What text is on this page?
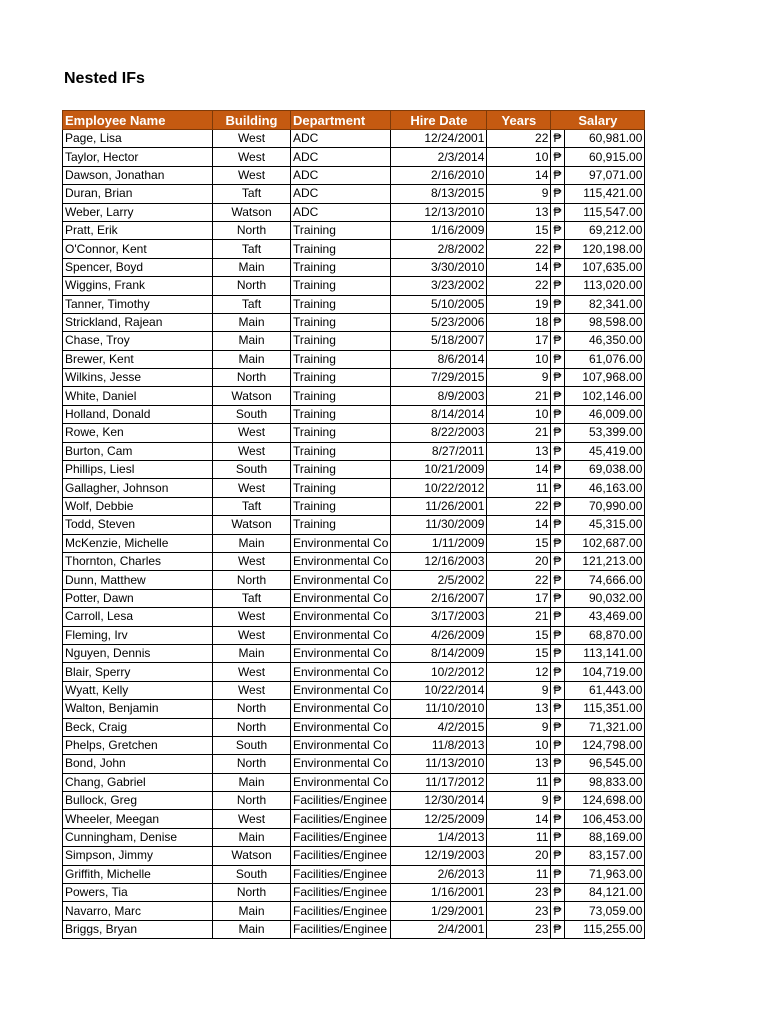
Nested IFs
Employee Name	Building	Department	Hire Date	Years	Salary	
Page, Lisa	West	ADC	12/24/2001	22	₱	60,981.00
Taylor, Hector	West	ADC	2/3/2014	10	₱	60,915.00
Dawson, Jonathan	West	ADC	2/16/2010	14	₱	97,071.00
Duran, Brian	Taft	ADC	8/13/2015	9	₱	115,421.00
Weber, Larry	Watson	ADC	12/13/2010	13	₱	115,547.00
Pratt, Erik	North	Training	1/16/2009	15	₱	69,212.00
O'Connor, Kent	Taft	Training	2/8/2002	22	₱	120,198.00
Spencer, Boyd	Main	Training	3/30/2010	14	₱	107,635.00
Wiggins, Frank	North	Training	3/23/2002	22	₱	113,020.00
Tanner, Timothy	Taft	Training	5/10/2005	19	₱	82,341.00
Strickland, Rajean	Main	Training	5/23/2006	18	₱	98,598.00
Chase, Troy	Main	Training	5/18/2007	17	₱	46,350.00
Brewer, Kent	Main	Training	8/6/2014	10	₱	61,076.00
Wilkins, Jesse	North	Training	7/29/2015	9	₱	107,968.00
White, Daniel	Watson	Training	8/9/2003	21	₱	102,146.00
Holland, Donald	South	Training	8/14/2014	10	₱	46,009.00
Rowe, Ken	West	Training	8/22/2003	21	₱	53,399.00
Burton, Cam	West	Training	8/27/2011	13	₱	45,419.00
Phillips, Liesl	South	Training	10/21/2009	14	₱	69,038.00
Gallagher, Johnson	West	Training	10/22/2012	11	₱	46,163.00
Wolf, Debbie	Taft	Training	11/26/2001	22	₱	70,990.00
Todd, Steven	Watson	Training	11/30/2009	14	₱	45,315.00
McKenzie, Michelle	Main	Environmental Co	1/11/2009	15	₱	102,687.00
Thornton, Charles	West	Environmental Co	12/16/2003	20	₱	121,213.00
Dunn, Matthew	North	Environmental Co	2/5/2002	22	₱	74,666.00
Potter, Dawn	Taft	Environmental Co	2/16/2007	17	₱	90,032.00
Carroll, Lesa	West	Environmental Co	3/17/2003	21	₱	43,469.00
Fleming, Irv	West	Environmental Co	4/26/2009	15	₱	68,870.00
Nguyen, Dennis	Main	Environmental Co	8/14/2009	15	₱	113,141.00
Blair, Sperry	West	Environmental Co	10/2/2012	12	₱	104,719.00
Wyatt, Kelly	West	Environmental Co	10/22/2014	9	₱	61,443.00
Walton, Benjamin	North	Environmental Co	11/10/2010	13	₱	115,351.00
Beck, Craig	North	Environmental Co	4/2/2015	9	₱	71,321.00
Phelps, Gretchen	South	Environmental Co	11/8/2013	10	₱	124,798.00
Bond, John	North	Environmental Co	11/13/2010	13	₱	96,545.00
Chang, Gabriel	Main	Environmental Co	11/17/2012	11	₱	98,833.00
Bullock, Greg	North	Facilities/Enginee	12/30/2014	9	₱	124,698.00
Wheeler, Meegan	West	Facilities/Enginee	12/25/2009	14	₱	106,453.00
Cunningham, Denise	Main	Facilities/Enginee	1/4/2013	11	₱	88,169.00
Simpson, Jimmy	Watson	Facilities/Enginee	12/19/2003	20	₱	83,157.00
Griffith, Michelle	South	Facilities/Enginee	2/6/2013	11	₱	71,963.00
Powers, Tia	North	Facilities/Enginee	1/16/2001	23	₱	84,121.00
Navarro, Marc	Main	Facilities/Enginee	1/29/2001	23	₱	73,059.00
Briggs, Bryan	Main	Facilities/Enginee	2/4/2001	23	₱	115,255.00
